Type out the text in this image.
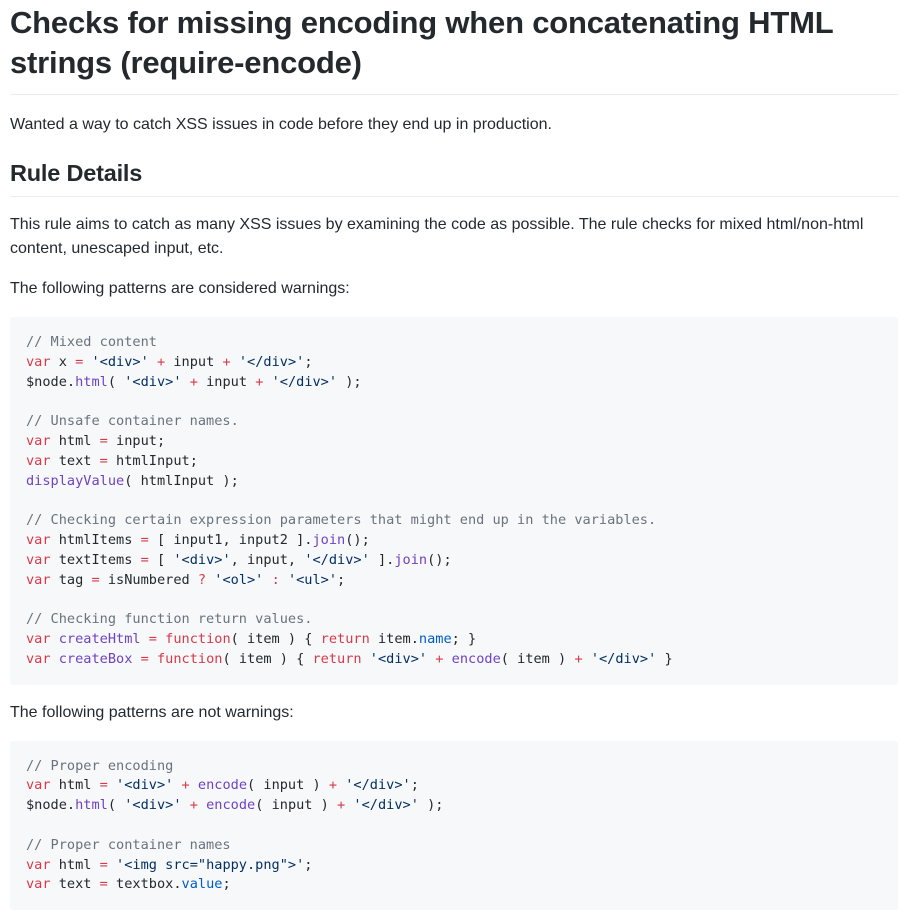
Checks for missing encoding when concatenating HTML strings (require-encode)

Wanted a way to catch XSS issues in code before they end up in production.

Rule Details

This rule aims to catch as many XSS issues by examining the code as possible. The rule checks for mixed html/non-html content, unescaped input, etc.

The following patterns are considered warnings:

// Mixed content
var x = '<div>' + input + '</div>';
$node.html( '<div>' + input + '</div>' );
// Unsafe container names.
var html = input;
var text = htmlInput;
displayValue( htmlInput );
// Checking certain expression parameters that might end up in the variables.
var htmlItems = [ input1, input2 ].join();
var textItems = [ '<div>', input, '</div>' ].join();
var tag = isNumbered ? '<ol>' : '<ul>';
// Checking function return values.
var createHtml = function( item ) { return item.name; }
var createBox = function( item ) { return '<div>' + encode( item ) + '</div>' }

The following patterns are not warnings:

// Proper encoding
var html = '<div>' + encode( input ) + '</div>';
$node.html( '<div>' + encode( input ) + '</div>' );
// Proper container names
var html = '<img src="happy.png">';
var text = textbox.value;
